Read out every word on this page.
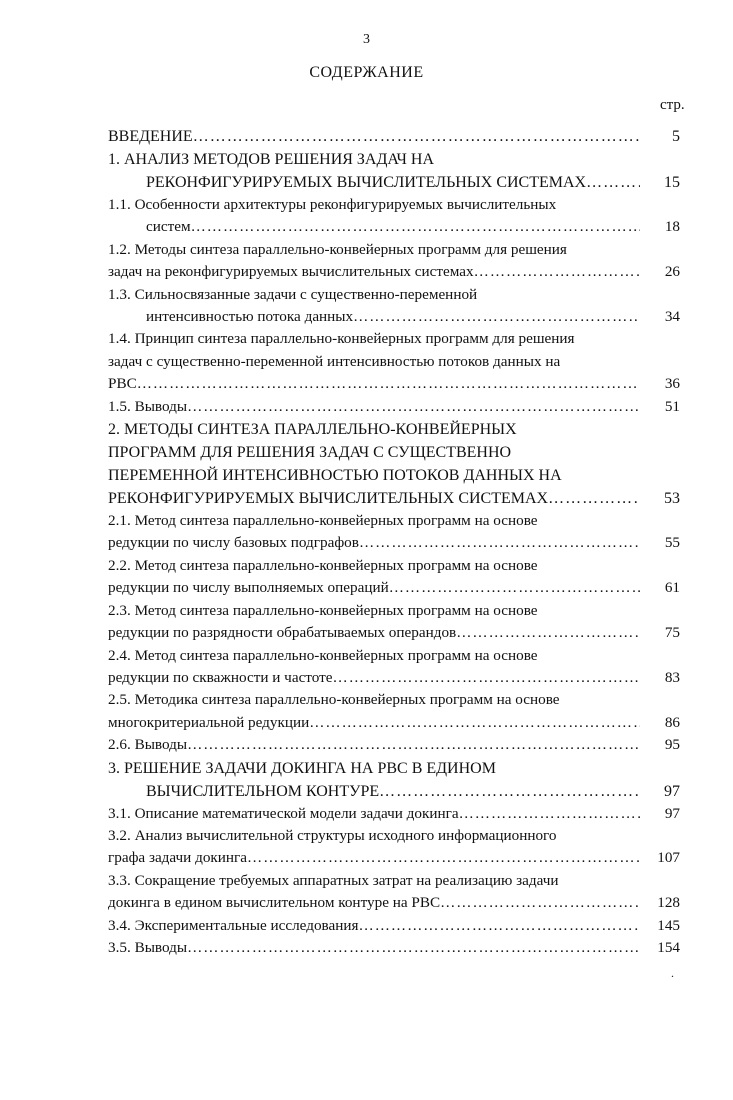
3
СОДЕРЖАНИЕ
стр.
ВВЕДЕНИЕ ……………………………………………………………………………………………………………………………………………………	5
1. АНАЛИЗ МЕТОДОВ РЕШЕНИЯ ЗАДАЧ НА
РЕКОНФИГУРИРУЕМЫХ ВЫЧИСЛИТЕЛЬНЫХ СИСТЕМАХ ……………………………………………………………………………………………………………………………………………………	15
1.1. Особенности архитектуры реконфигурируемых вычислительных
систем ……………………………………………………………………………………………………………………………………………………	18
1.2. Методы синтеза параллельно-конвейерных программ для решения
задач на реконфигурируемых вычислительных системах ……………………………………………………………………………………………………………………………………………………	26
1.3. Сильносвязанные задачи с существенно-переменной
интенсивностью потока данных ……………………………………………………………………………………………………………………………………………………	34
1.4. Принцип синтеза параллельно-конвейерных программ для решения
задач с существенно-переменной интенсивностью потоков данных на
РВС ……………………………………………………………………………………………………………………………………………………	36
1.5. Выводы ……………………………………………………………………………………………………………………………………………………	51
2. МЕТОДЫ СИНТЕЗА ПАРАЛЛЕЛЬНО-КОНВЕЙЕРНЫХ
ПРОГРАММ ДЛЯ РЕШЕНИЯ ЗАДАЧ С СУЩЕСТВЕННО
ПЕРЕМЕННОЙ ИНТЕНСИВНОСТЬЮ ПОТОКОВ ДАННЫХ НА
РЕКОНФИГУРИРУЕМЫХ ВЫЧИСЛИТЕЛЬНЫХ СИСТЕМАХ ……………………………………………………………………………………………………………………………………………………	53
2.1. Метод синтеза параллельно-конвейерных программ на основе
редукции по числу базовых подграфов ……………………………………………………………………………………………………………………………………………………	55
2.2. Метод синтеза параллельно-конвейерных программ на основе
редукции по числу выполняемых операций ……………………………………………………………………………………………………………………………………………………	61
2.3. Метод синтеза параллельно-конвейерных программ на основе
редукции по разрядности обрабатываемых операндов ……………………………………………………………………………………………………………………………………………………	75
2.4. Метод синтеза параллельно-конвейерных программ на основе
редукции по скважности и частоте ……………………………………………………………………………………………………………………………………………………	83
2.5. Методика синтеза параллельно-конвейерных программ на основе
многокритериальной редукции ……………………………………………………………………………………………………………………………………………………	86
2.6. Выводы ……………………………………………………………………………………………………………………………………………………	95
3. РЕШЕНИЕ ЗАДАЧИ ДОКИНГА НА РВС В ЕДИНОМ
ВЫЧИСЛИТЕЛЬНОМ КОНТУРЕ ……………………………………………………………………………………………………………………………………………………	97
3.1. Описание математической модели задачи докинга ……………………………………………………………………………………………………………………………………………………	97
3.2. Анализ вычислительной структуры исходного информационного
графа задачи докинга ……………………………………………………………………………………………………………………………………………………	107
3.3. Сокращение требуемых аппаратных затрат на реализацию задачи
докинга в едином вычислительном контуре на РВС ……………………………………………………………………………………………………………………………………………………	128
3.4. Экспериментальные исследования ……………………………………………………………………………………………………………………………………………………	145
3.5. Выводы ……………………………………………………………………………………………………………………………………………………	154
.
